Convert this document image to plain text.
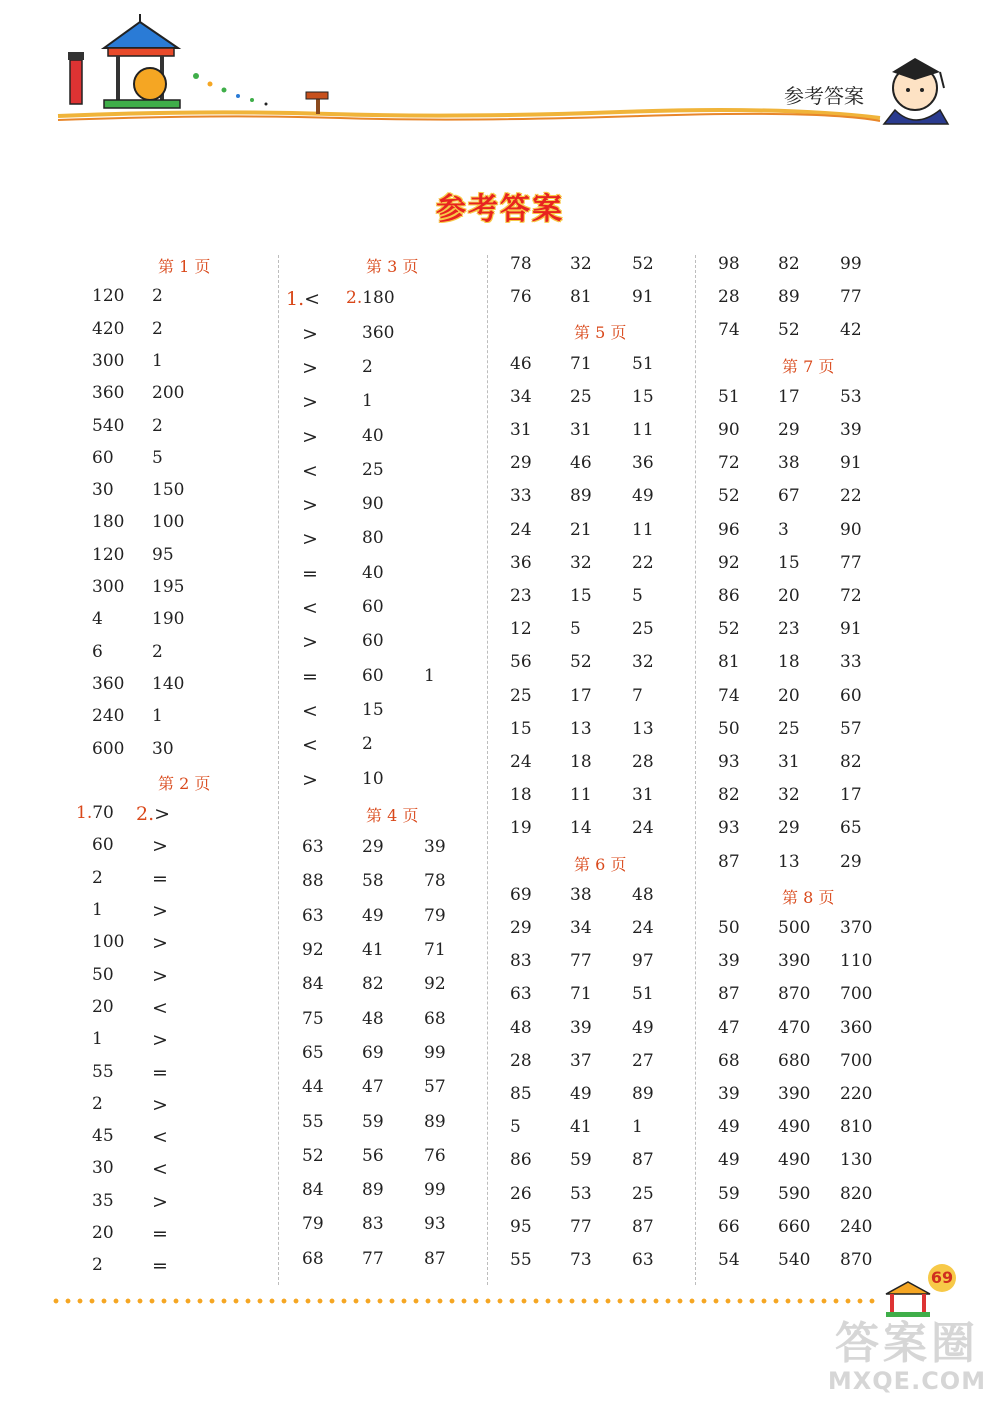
参考答案
参考答案
第 1 页
120 2
420 2
300 1
360 200
540 2
60 5
30 150
180 100
120 95
300 195
4	190
6	2
360 140
240 1
600 30
第 2 页
1.70 2.>
60 >
2	=
1	>
100 >
50 >
20 <
1	>
55 =
2	>
45 <
30 <
35 >
20 =
2	=
第 3 页
1.< 2.180
>	360
>	2
>	1
>	40
<	25
>	90
>	80
=	40
<	60
>	60
=	60 1
<	15
<	2
>	10
第 4 页
63 29 39
88 58 78
63 49 79
92 41 71
84 82 92
75 48 68
65 69 99
44 47 57
55 59 89
52 56 76
84 89 99
79 83 93
68 77 87
78 32 52
76 81 91
第 5 页
46 71 51
34 25 15
31 31 11
29 46 36
33 89 49
24 21 11
36 32 22
23 15 5
12 5	25
56 52 32
25 17 7
15 13 13
24 18 28
18 11 31
19 14 24
第 6 页
69 38 48
29 34 24
83 77 97
63 71 51
48 39 49
28 37 27
85 49 89
5	41 1
86 59 87
26 53 25
95 77 87
55 73 63
98 82 99
28 89 77
74 52 42
第 7 页
51 17 53
90 29 39
72 38 91
52 67 22
96 3	90
92 15 77
86 20 72
52 23 91
81 18 33
74 20 60
50 25 57
93 31 82
82 32 17
93 29 65
87 13 29
第 8 页
50 500 370
39 390 110
87 870 700
47 470 360
68 680 700
39 390 220
49 490 810
49 490 130
59 590 820
66 660 240
54 540 870
69
答案圈
MXQE.COM
